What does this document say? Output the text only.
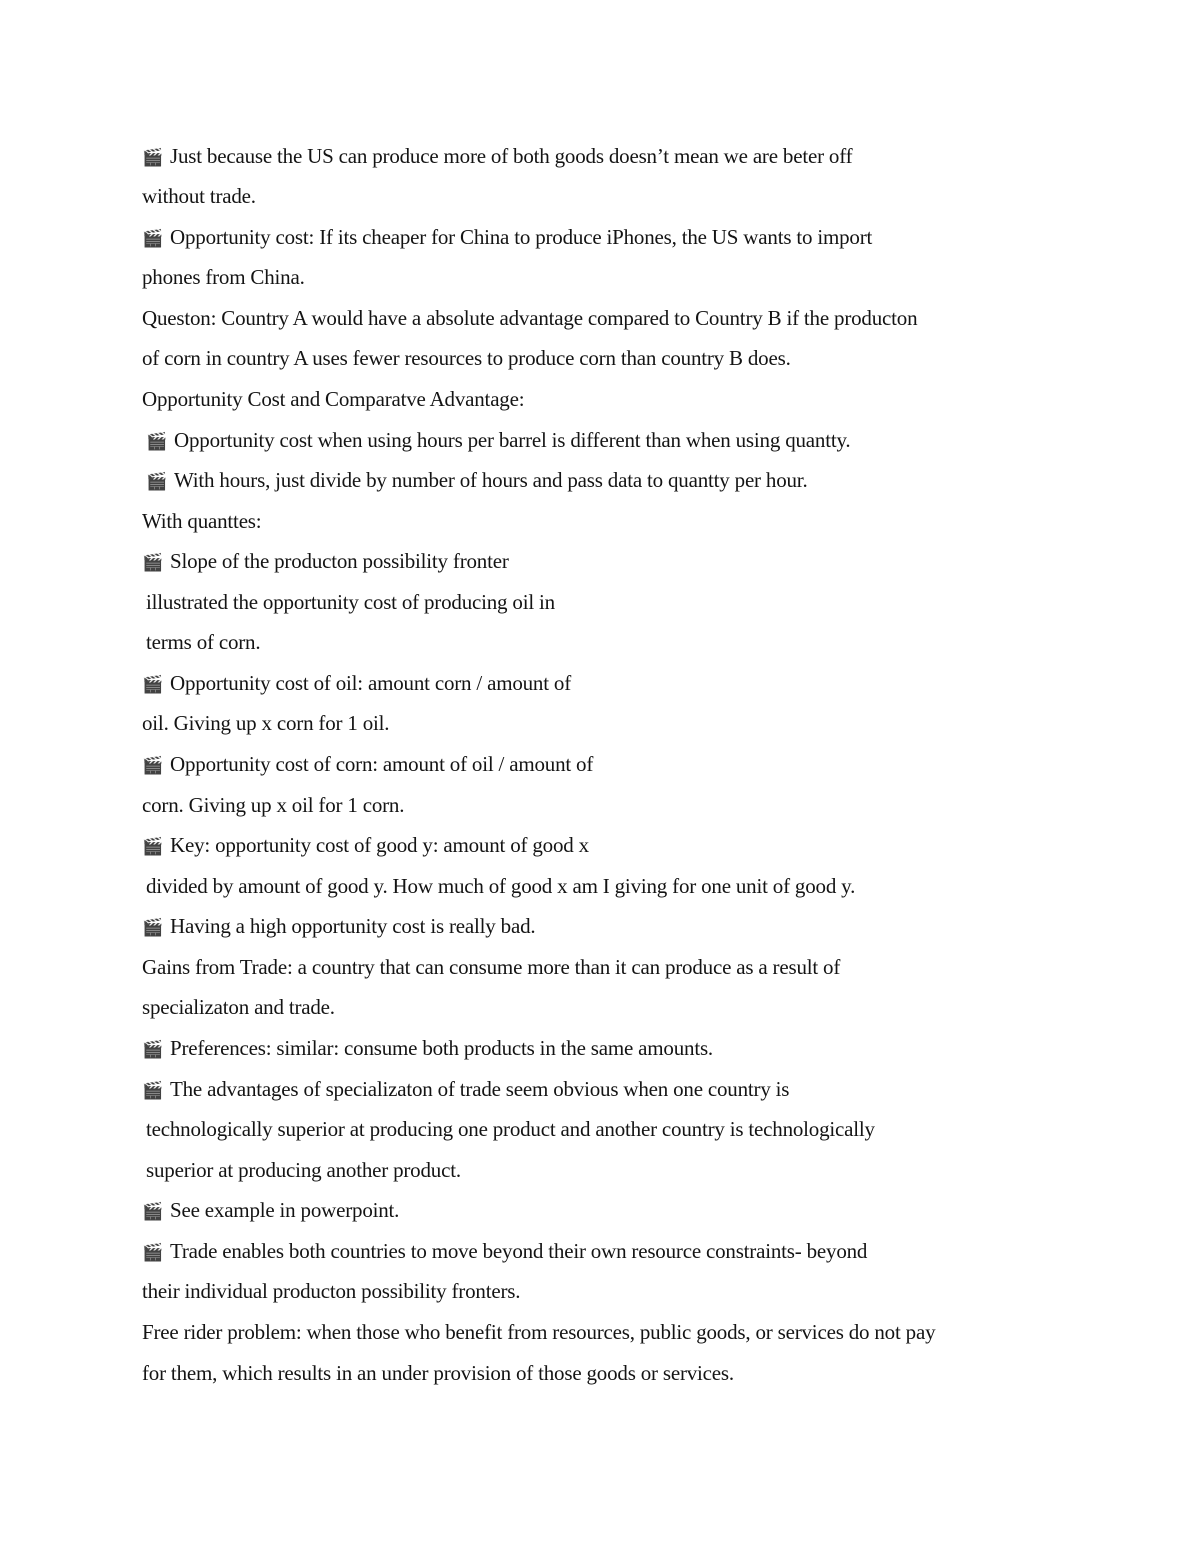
🎬 Just because the US can produce more of both goods doesn’t mean we are beter off
without trade.
🎬 Opportunity cost: If its cheaper for China to produce iPhones, the US wants to import
phones from China.
Queston: Country A would have a absolute advantage compared to Country B if the producton
of corn in country A uses fewer resources to produce corn than country B does.
Opportunity Cost and Comparatve Advantage:
🎬 Opportunity cost when using hours per barrel is different than when using quantty.
🎬 With hours, just divide by number of hours and pass data to quantty per hour.
With quanttes:
🎬 Slope of the producton possibility fronter
illustrated the opportunity cost of producing oil in
terms of corn.
🎬 Opportunity cost of oil: amount corn / amount of
oil. Giving up x corn for 1 oil.
🎬 Opportunity cost of corn: amount of oil / amount of
corn. Giving up x oil for 1 corn.
🎬 Key: opportunity cost of good y: amount of good x
divided by amount of good y. How much of good x am I giving for one unit of good y.
🎬 Having a high opportunity cost is really bad.
Gains from Trade: a country that can consume more than it can produce as a result of
specializaton and trade.
🎬 Preferences: similar: consume both products in the same amounts.
🎬 The advantages of specializaton of trade seem obvious when one country is
technologically superior at producing one product and another country is technologically
superior at producing another product.
🎬 See example in powerpoint.
🎬 Trade enables both countries to move beyond their own resource constraints- beyond
their individual producton possibility fronters.
Free rider problem: when those who benefit from resources, public goods, or services do not pay
for them, which results in an under provision of those goods or services.
